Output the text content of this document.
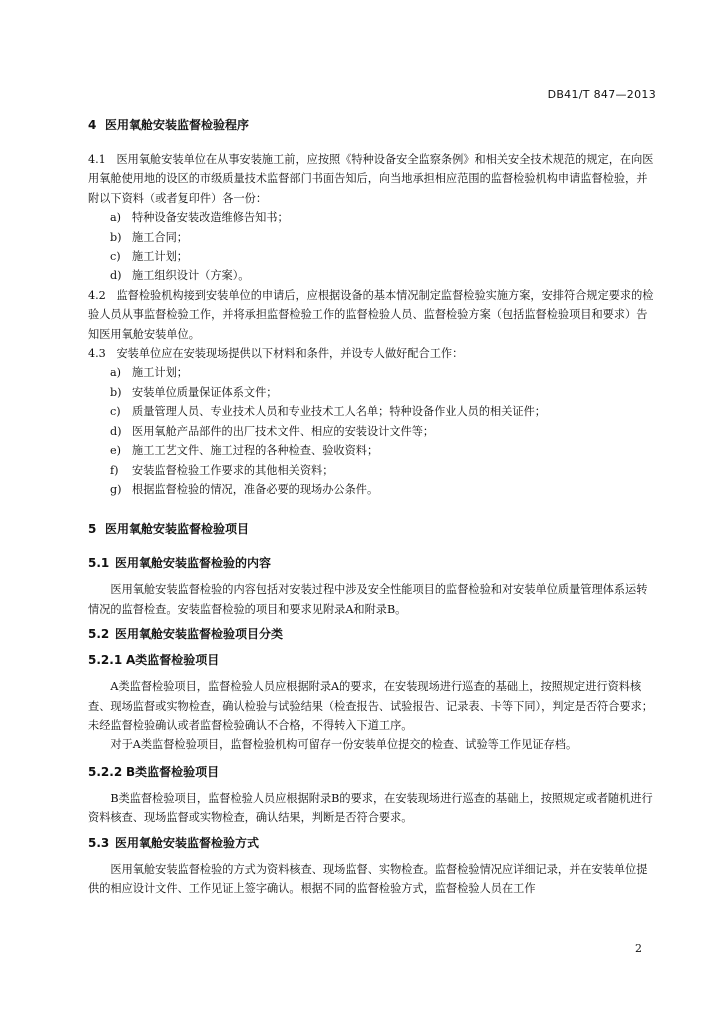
DB41/T 847—2013
4 医用氧舱安装监督检验程序

4.1 医用氧舱安装单位在从事安装施工前，应按照《特种设备安全监察条例》和相关安全技术规范的规定，在向医用氧舱使用地的设区的市级质量技术监督部门书面告知后，向当地承担相应范围的监督检验机构申请监督检验，并附以下资料（或者复印件）各一份：

a) 特种设备安装改造维修告知书；
b) 施工合同；
c) 施工计划；
d) 施工组织设计（方案）。

4.2 监督检验机构接到安装单位的申请后，应根据设备的基本情况制定监督检验实施方案，安排符合规定要求的检验人员从事监督检验工作，并将承担监督检验工作的监督检验人员、监督检验方案（包括监督检验项目和要求）告知医用氧舱安装单位。

4.3 安装单位应在安装现场提供以下材料和条件，并设专人做好配合工作：

a) 施工计划；
b) 安装单位质量保证体系文件；
c) 质量管理人员、专业技术人员和专业技术工人名单；特种设备作业人员的相关证件；
d) 医用氧舱产品部件的出厂技术文件、相应的安装设计文件等；
e) 施工工艺文件、施工过程的各种检查、验收资料；
f) 安装监督检验工作要求的其他相关资料；
g) 根据监督检验的情况，准备必要的现场办公条件。
5 医用氧舱安装监督检验项目
5.1 医用氧舱安装监督检验的内容

医用氧舱安装监督检验的内容包括对安装过程中涉及安全性能项目的监督检验和对安装单位质量管理体系运转情况的监督检查。安装监督检验的项目和要求见附录A和附录B。

5.2 医用氧舱安装监督检验项目分类
5.2.1 A类监督检验项目

A类监督检验项目，监督检验人员应根据附录A的要求，在安装现场进行巡查的基础上，按照规定进行资料核查、现场监督或实物检查，确认检验与试验结果（检查报告、试验报告、记录表、卡等下同），判定是否符合要求；未经监督检验确认或者监督检验确认不合格，不得转入下道工序。

对于A类监督检验项目，监督检验机构可留存一份安装单位提交的检查、试验等工作见证存档。

5.2.2 B类监督检验项目

B类监督检验项目，监督检验人员应根据附录B的要求，在安装现场进行巡查的基础上，按照规定或者随机进行资料核查、现场监督或实物检查，确认结果，判断是否符合要求。

5.3 医用氧舱安装监督检验方式

医用氧舱安装监督检验的方式为资料核查、现场监督、实物检查。监督检验情况应详细记录，并在安装单位提供的相应设计文件、工作见证上签字确认。根据不同的监督检验方式，监督检验人员在工作

2
